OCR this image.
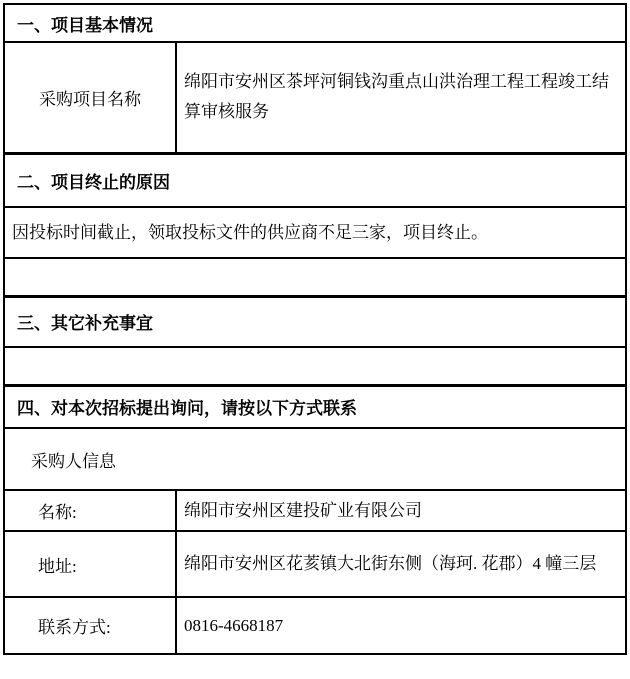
一、项目基本情况	
采购项目名称	绵阳市安州区茶坪河铜钱沟重点山洪治理工程工程竣工结算审核服务
二、项目终止的原因	
因投标时间截止，领取投标文件的供应商不足三家，项目终止。	

三、其它补充事宜	

四、对本次招标提出询问，请按以下方式联系	
采购人信息	
名称:	绵阳市安州区建投矿业有限公司
地址:	绵阳市安州区花荄镇大北街东侧（海珂. 花郡）4 幢三层
联系方式:	0816-4668187
